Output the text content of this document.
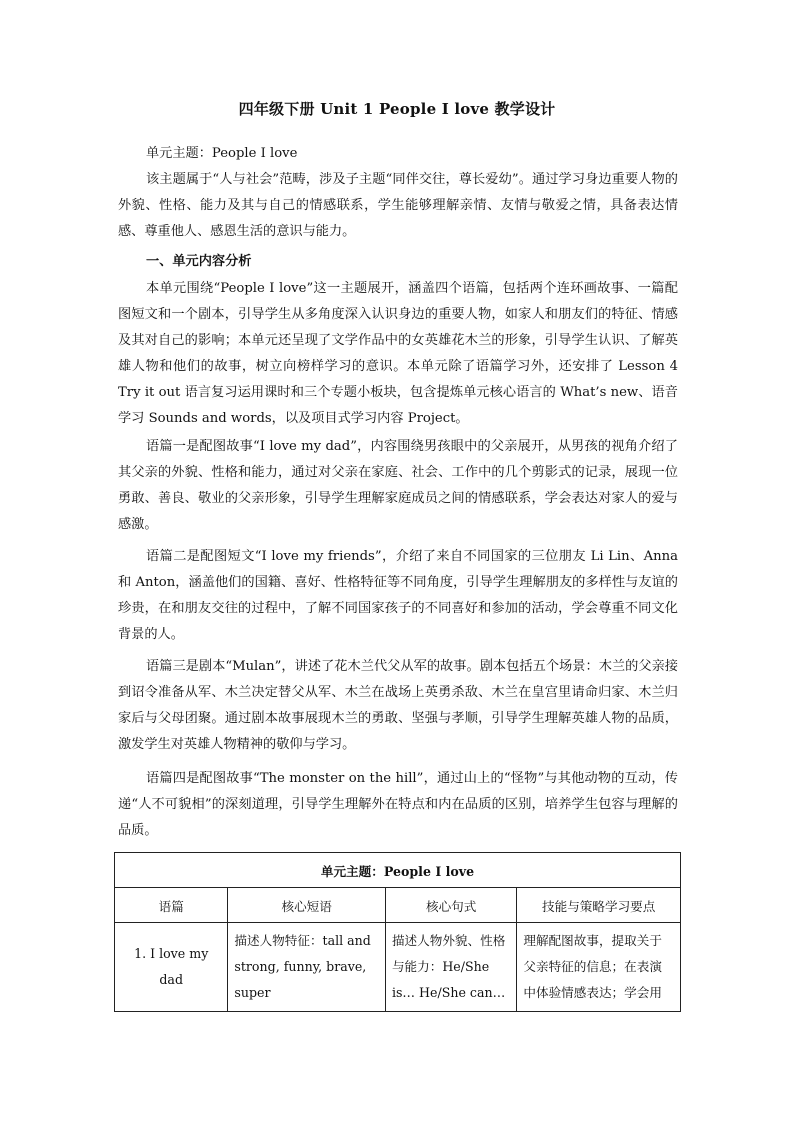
四年级下册 Unit 1 People I love 教学设计
单元主题：People I love
该主题属于“人与社会”范畴，涉及子主题“同伴交往，尊长爱幼”。通过学习身边重要人物的外貌、性格、能力及其与自己的情感联系，学生能够理解亲情、友情与敬爱之情，具备表达情感、尊重他人、感恩生活的意识与能力。
一、单元内容分析
本单元围绕“People I love”这一主题展开，涵盖四个语篇，包括两个连环画故事、一篇配图短文和一个剧本，引导学生从多角度深入认识身边的重要人物，如家人和朋友们的特征、情感及其对自己的影响；本单元还呈现了文学作品中的女英雄花木兰的形象，引导学生认识、了解英雄人物和他们的故事，树立向榜样学习的意识。本单元除了语篇学习外，还安排了 Lesson 4 Try it out 语言复习运用课时和三个专题小板块，包含提炼单元核心语言的 What’s new、语音学习 Sounds and words，以及项目式学习内容 Project。
语篇一是配图故事“I love my dad”，内容围绕男孩眼中的父亲展开，从男孩的视角介绍了其父亲的外貌、性格和能力，通过对父亲在家庭、社会、工作中的几个剪影式的记录，展现一位勇敢、善良、敬业的父亲形象，引导学生理解家庭成员之间的情感联系，学会表达对家人的爱与感激。
语篇二是配图短文“I love my friends”，介绍了来自不同国家的三位朋友 Li Lin、Anna 和 Anton，涵盖他们的国籍、喜好、性格特征等不同角度，引导学生理解朋友的多样性与友谊的珍贵，在和朋友交往的过程中，了解不同国家孩子的不同喜好和参加的活动，学会尊重不同文化背景的人。
语篇三是剧本“Mulan”，讲述了花木兰代父从军的故事。剧本包括五个场景：木兰的父亲接到诏令准备从军、木兰决定替父从军、木兰在战场上英勇杀敌、木兰在皇宫里请命归家、木兰归家后与父母团聚。通过剧本故事展现木兰的勇敢、坚强与孝顺，引导学生理解英雄人物的品质，激发学生对英雄人物精神的敬仰与学习。
语篇四是配图故事“The monster on the hill”，通过山上的“怪物”与其他动物的互动，传递“人不可貌相”的深刻道理，引导学生理解外在特点和内在品质的区别，培养学生包容与理解的品质。
单元主题：People I love			
语篇	核心短语	核心句式	技能与策略学习要点
1. I love my dad	描述人物特征：tall and strong, funny, brave, super	描述人物外貌、性格与能力：He/She is… He/She can…	理解配图故事，提取关于父亲特征的信息；在表演中体验情感表达；学会用
